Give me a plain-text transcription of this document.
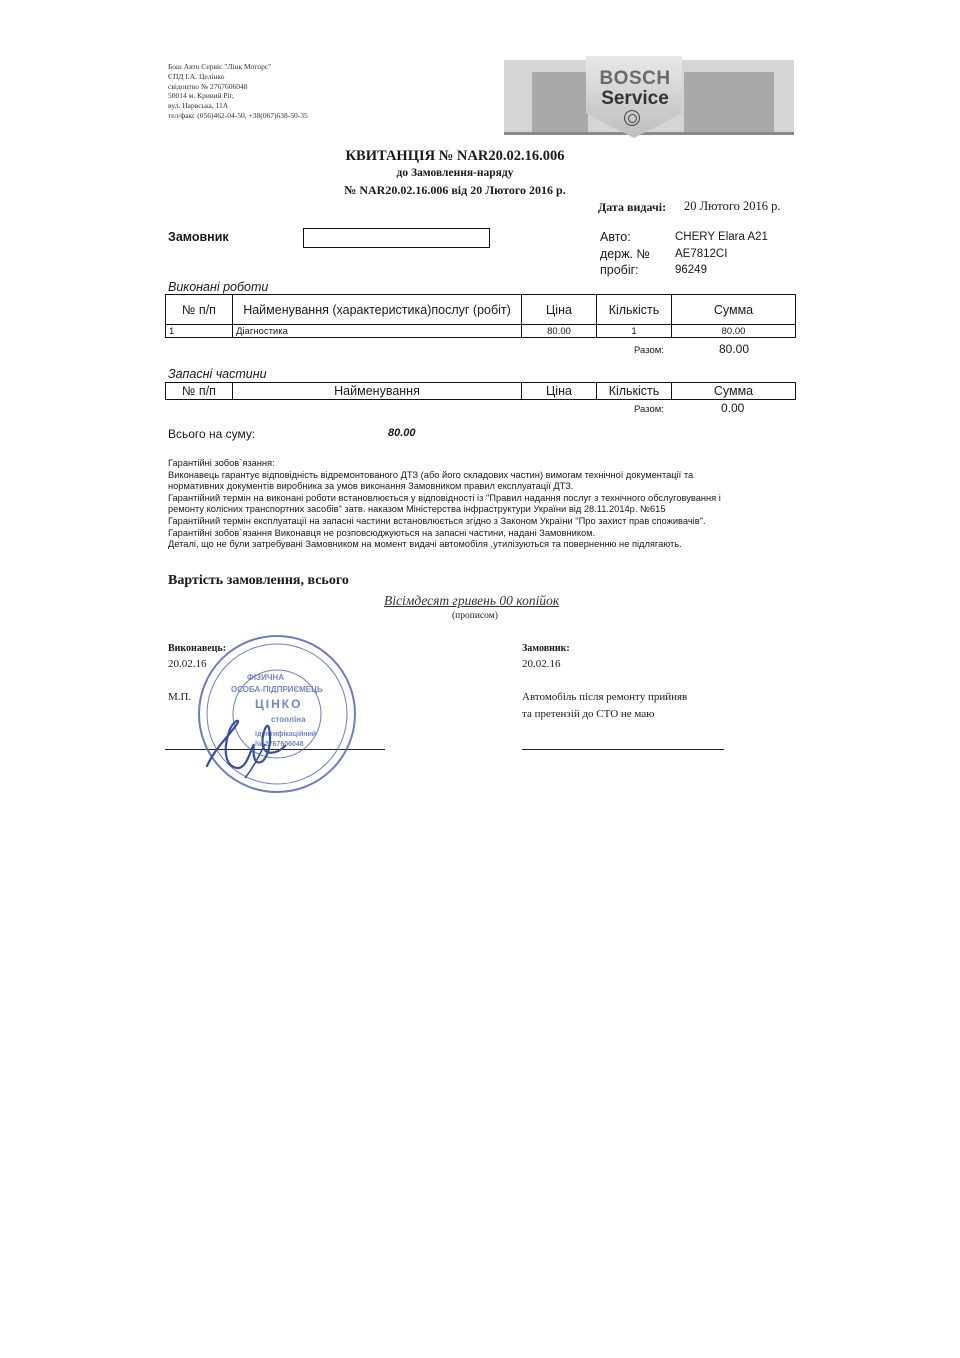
Бош Авто Сервіс "Лінк Моторс"
СПД І.А. Целінко
свідоцтво № 2767606048
50014 м. Кривий Ріг,
вул. Нарвська, 11А
тел/факс (056)462-04-50, +38(067)638-50-35
BOSCH
Service
КВИТАНЦІЯ № NAR20.02.16.006
до Замовлення-наряду
№ NAR20.02.16.006 від 20 Лютого 2016 р.
Дата видачі: 20 Лютого 2016 р.
Замовник	Авто:	CHERY Elara A21
держ. № AE7812CI
пробіг:	96249
Виконані роботи
№ п/п	Найменування (характеристика)послуг (робіт)	Ціна	Кількість	Сумма
1	Діагностика	80.00	1	80.00
Разом:	80.00
Запасні частини
№ п/п	Найменування	Ціна	Кількість	Сумма
Разом:	0.00
Всього на суму:	80.00
Гарантійні зобов`язання:
Виконавець гарантує відповідність відремонтованого ДТЗ (або його складових частин) вимогам технічної документації та
нормативних документів виробника за умов виконання Замовником правил експлуатації ДТЗ.
Гарантійний термін на виконані роботи встановлюється у відповідності із "Правил надання послуг з технічного обслуговування і
ремонту колісних транспортних засобів" затв. наказом Міністерства інфраструктури України від 28.11.2014р. №615
Гарантійний термін експлуатації на запасні частини встановлюється згідно з Законом України "Про захист прав споживачів".
Гарантійні зобов`язання Виконавця не розповсюджуються на запасні частини, надані Замовником.
Деталі, що не були затребувані Замовником на момент видачі автомобіля ,утилізуються та поверненню не підлягають.
Вартість замовлення, всього
Вісімдесят гривень 00 копійок
(прописом)
Виконавець:
20.02.16
М.П.
Замовник:
20.02.16
Автомобіль після ремонту прийняв
та претензій до СТО не маю
ФІЗИЧНА
ОСОБА-ПІДПРИЄМЕЦЬ
ЦІНКО
стопліна
Ідентифікаційний
№ 2767606048
